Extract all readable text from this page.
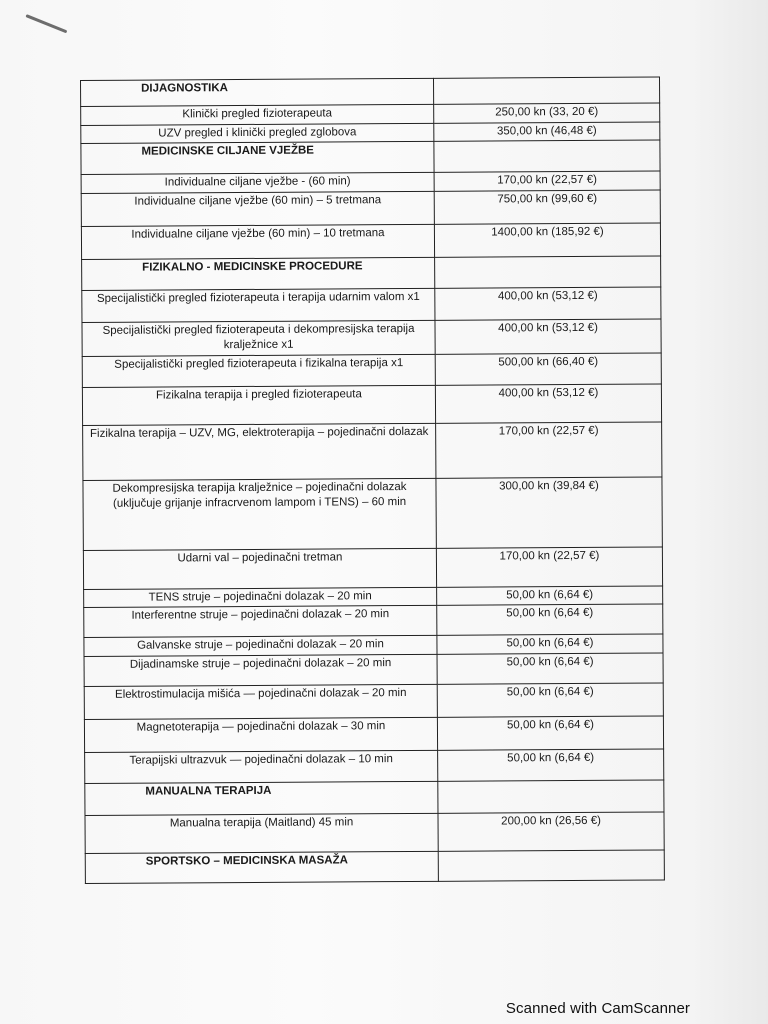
DIJAGNOSTIKA	
Klinički pregled fizioterapeuta	250,00 kn (33, 20 €)
UZV pregled i klinički pregled zglobova	350,00 kn (46,48 €)
MEDICINSKE CILJANE VJEŽBE	
Individualne ciljane vježbe - (60 min)	170,00 kn (22,57 €)
Individualne ciljane vježbe (60 min) – 5 tretmana	750,00 kn (99,60 €)
Individualne ciljane vježbe (60 min) – 10 tretmana	1400,00 kn (185,92 €)
FIZIKALNO - MEDICINSKE PROCEDURE	
Specijalistički pregled fizioterapeuta i terapija udarnim valom x1	400,00 kn (53,12 €)
Specijalistički pregled fizioterapeuta i dekompresijska terapija kralježnice x1	400,00 kn (53,12 €)
Specijalistički pregled fizioterapeuta i fizikalna terapija x1	500,00 kn (66,40 €)
Fizikalna terapija i pregled fizioterapeuta	400,00 kn (53,12 €)
Fizikalna terapija – UZV, MG, elektroterapija – pojedinačni dolazak	170,00 kn (22,57 €)
Dekompresijska terapija kralježnice – pojedinačni dolazak (uključuje grijanje infracrvenom lampom i TENS) – 60 min	300,00 kn (39,84 €)
Udarni val – pojedinačni tretman	170,00 kn (22,57 €)
TENS struje – pojedinačni dolazak – 20 min	50,00 kn (6,64 €)
Interferentne struje – pojedinačni dolazak – 20 min	50,00 kn (6,64 €)
Galvanske struje – pojedinačni dolazak – 20 min	50,00 kn (6,64 €)
Dijadinamske struje – pojedinačni dolazak – 20 min	50,00 kn (6,64 €)
Elektrostimulacija mišića — pojedinačni dolazak – 20 min	50,00 kn (6,64 €)
Magnetoterapija — pojedinačni dolazak – 30 min	50,00 kn (6,64 €)
Terapijski ultrazvuk — pojedinačni dolazak – 10 min	50,00 kn (6,64 €)
MANUALNA TERAPIJA	
Manualna terapija (Maitland) 45 min	200,00 kn (26,56 €)
SPORTSKO – MEDICINSKA MASAŽA	
Scanned with CamScanner
